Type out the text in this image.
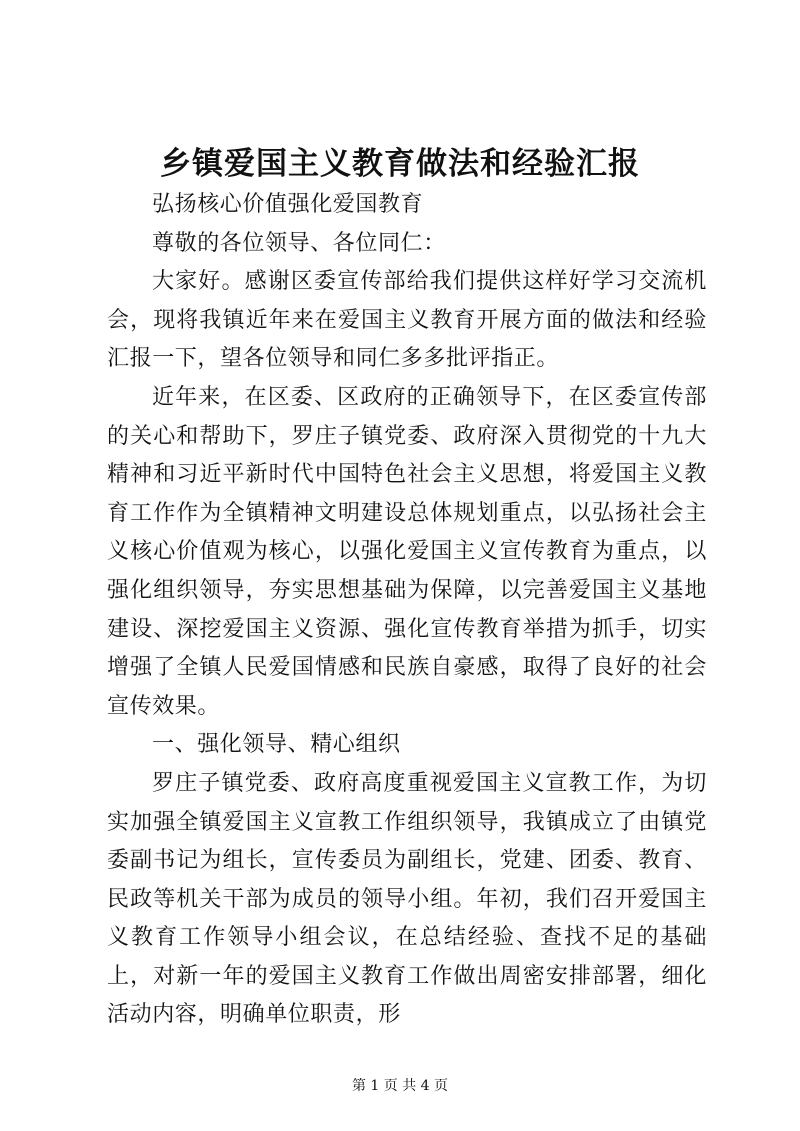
乡镇爱国主义教育做法和经验汇报

弘扬核心价值强化爱国教育

尊敬的各位领导、各位同仁：

大家好。感谢区委宣传部给我们提供这样好学习交流机会，现将我镇近年来在爱国主义教育开展方面的做法和经验汇报一下，望各位领导和同仁多多批评指正。

近年来，在区委、区政府的正确领导下，在区委宣传部的关心和帮助下，罗庄子镇党委、政府深入贯彻党的十九大精神和习近平新时代中国特色社会主义思想，将爱国主义教育工作作为全镇精神文明建设总体规划重点，以弘扬社会主义核心价值观为核心，以强化爱国主义宣传教育为重点，以强化组织领导，夯实思想基础为保障，以完善爱国主义基地建设、深挖爱国主义资源、强化宣传教育举措为抓手，切实增强了全镇人民爱国情感和民族自豪感，取得了良好的社会宣传效果。

一、强化领导、精心组织

罗庄子镇党委、政府高度重视爱国主义宣教工作，为切实加强全镇爱国主义宣教工作组织领导，我镇成立了由镇党委副书记为组长，宣传委员为副组长，党建、团委、教育、民政等机关干部为成员的领导小组。年初，我们召开爱国主义教育工作领导小组会议，在总结经验、查找不足的基础上，对新一年的爱国主义教育工作做出周密安排部署，细化活动内容，明确单位职责，形

第 1 页 共 4 页
